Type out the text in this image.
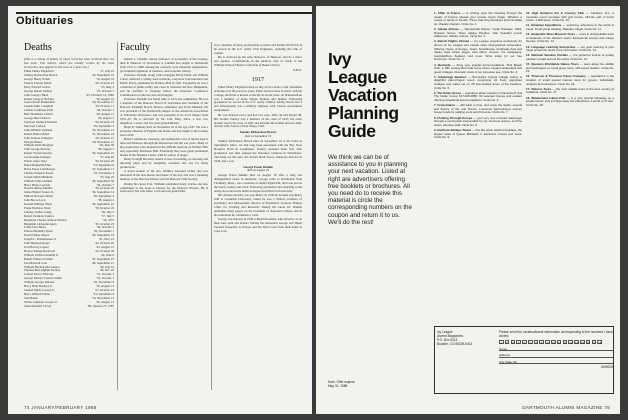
Obituaries
Deaths

(This is a listing of deaths of which word has been received since the last issue. Full notices, which are usually written by the class secretaries, may appear in this issue or a later one.)

Elmer Henry Englebrett	'17, July 22
Stanley Richardson Brown	'18, September 19
George Henry Eckert	'19, August 18
Francis Charles Mann	'20, October 22
Perry Edward Jordon	'23, May 4
George Robert McRae	'23, October 7
John Gregory Head	'25, February 12, 1985
Robert Gregory Belcher	'26, August 10
Lester Raoul Rothenfeld	'26, November 15
Joseph Johns Campbell	'28, October 11
Charles Cullinane Firth	'28, October 1
Blair Bradshaw Gilbert	'29, August 17
George Baron Moore	'29, August 2
Seymour Slotnick Wachtel	'29, October 19
Maxwell Carlson	'29, September 3
John William Vorhauer	'30, November 21
Robert Ballou Baird	'31, November 24
John Ivanoss Arlington	'29, October 21
Morgan Baker	'29, November 27
William Wells Bragdon	'28, June 30
John George Rowner	'29, August 3
Robert Vivian Stevens	'30, September 22
Lee Roskins Jettinger	'37, July 29
Edwin Allyn West	'32, October 28
Ralph Benjamin Eliot	'33, September 8
Harry Eaton Littenberger	'33, September 13
Charles Winslow Porter	'33, November 4
Joseph Smith Mildrum	'35, July 29
William Talbot Adams	'36, September 30
Harry Henry Gordon	'36, October 7
David Lathrop Mueller	'36, October 20
James Hallett Stokes Jr.	'36, September 14
Millard Newton Childs	'38, September 4
John Boyce Lyon	'38, August 4
Donald Whitney Shaw	'39, September 22
Frank Nicholas Wash	'39, October 20
Lindsay Arthur Gregg	'39, July 5
Robert Paddock Squires	'37, July 5
Raymond Charles Armour Hanlon	'36, 1975
Benjamin Littlejohn Ayers	'39, October 25
Colby Dart Howe	'39, October 5
Edward Bellamy Spear	'39, November 1
David Walter Marne	'40, September 19
Joseph C. Palasmonton Jr.	'41, Nov. 23
John Harrison Roper	'42, October 20
Ivan Bowtry Lapeer	'42, August 23
Horace Ensign Rockwell	'43, October 30
William Wallace Kendall Jr.	'44, June 8
Robert Fullerton White	'47, September 27
Lee Maxwell Cole	'48, September 21
William Hackett McCamena	'49, July 14
Thomas McLaughlin Tierney	'46, Oct. 20
Conrad Pierce Wiberley	'51, October 3
George Morely Casselo-Smith	'55, October 1
William George DeLane	'55, November 9
Harry Hunt Buckley Jr.	'56, August 13
Samuel Mark Lowery Jr.	'57, October 23
Barry Wilfred Fraher	'61, September 9
Sam Bebee	'74, November 13
Walter Johnston Cooper Jr.	'62, August 12
James Randall Carver	'80, January 27, 1987
Faculty

Martin L. Lindahl, retired professor of economics at the College, died in Hanover on November 9. Lindahl had taught at Dartmouth from 1931 to 1968. Among his concerns were industrial organization, government regulation of business, and economic history.

Professor Lindahl, along with colleagues Harry Purdy and William Carter, authored a widely used textbook, Corporate Concentration and Public Policy, published by Prentice-Hall in 1941. Frequently he was a consultant to public utility rate cases in Vermont and New Hampshire, and he testified at hearings before the Interstate Commerce Commission on railroad rates and mergers.

Professor Lindahl was found time to serve his community. He was a member of the Hanover Board of Selectmen and chairman of the Hanover Planning Board, finance committee and Town Meeting. He was president of the Dartmouth chapter of the American Association of University Professors, and was president of its local chapter from 1951–52. He is survived by his wife, Mary Alice, a son, two daughters, a sister, and two great-grandchildren.

Hugh R. Walkley died on November 26 at the age of 87. He was a professor emeritus of English and drama and had taught at the College since 1935.

Henry's ambitious, visionary, and enthusiastic love of theater kept it alive and Hanover through the Depression and the war years. Many of his productions were mounted in the difficult environs of Webster Hall and, especially, Robinson Hall. Eventually they were given permanent homes in the Hopkins Center, with its variety of stages.

Henry brought his many talents to bear in teaching, in choosing and directing plays and by designing costumes and sets for many productions.

A noted student of the arts, Walkley travelled widely and was interested in the best theater and music of his day, and was a founding member of the Hanover Players and the Hanover Film Society.

During his career Prof. Williams published many articles and also contributed to the book A Theatre for the Hanover Players. He is survived by his wife Anne, a son and one grandchild.

was a member of many professional societies and during World War II he served in the U.S. Army Civil Engineers, attaining the rank of captain.

He is survived by his wife, Rebecca, of Hanover, and by a niece and nephew. Contributions in his memory may be made to the William-Watson Theatre Collection of Baker Library.

R.H.N.
1917

Elmer Henry Englebrett died on July 22 in LaJolla, Calif. Residents of Rome over the past few years, Elmer had not been in touch with the College, and little is known of his life in recent years. At Dartmouth he was a member of Delta Kappa Epsilon and Sphinx. Following graduation he served in the U.S. Army artillery during World War I and subsequently was a military engineer with various government assignments.

He was married twice and had two sons, John '44 and David '48. His brother Wesley was a member of the class of 1923, his other brother was in the class of 1921 and includes his brother and son John, and his wife, Lenora of San Diego, Calif.

Stanley Richardson Brown
died on September 19

Stanley Richardson Brown died on September 19 at his home in Springfield, Mass., he had long been associated with the Bay State Hospital. Born in Leominster, Stanley attended Tuck Sch. after graduation and then entered the insurance business in Winchester. Surviving are his wife, the former Ruth Wood, whom he married in 1926, and a son.

George Eaton Dunkle
died on August 18

George Eaton Dunkle died on August 18 after a long and distinguished career in medicine. George came to Dartmouth from Fitchburg, Mass., was a member of Alpha Sigma Phi, and took part in the band, country and track. Following graduation and returning to the Army, he received his medical degree from Harvard University.

His chosen specialty was psychiatry. In 1930 he became psychiatry staff at Columbia University, where he was a clinical professor of psychiatry and subsequently director of Psychiatric Services, Hadley Clinic for Training and Research. During his career Dr. Dunkle published many papers on the treatment of depressive illness, and in his retirement he continued to write.

George was married in 1930 to Helen Kraemer, who survives, as do their sons John and Robert. During his retirement George and Helen traveled frequently to Europe and the West Coast from their home in Cape Cod.

74 JANUARY/FEBRUARY 1988
Ivy
League
Vacation
Planning
Guide
We think we can be of assistance to you in planning your next vacation. Listed at right are advertisers offering free booklets or brochures. All you need do to receive this material is circle the corresponding numbers on the coupon and return it to us. We'll do the rest!
Note: Offer expires
May 31, 1988
1. Affair in France — is nothing quite like traveling through the canals of France aboard your private luxury barge. Whether a couple or family or friends. Three charming itineraries accommodate six. Weekly charters. Circle No. 1.
2. Alaska Airlines — Mendenhall Glacier. Inside Passage. Sitka. Russian history. Trans Alaska Pipeline. Visit beautiful scenic wilderness, Alaska. Call us. Circle No. 2.
3. Barrett Flights Abroad — Ivy League programs exclusively for alumni of Ivy League and certain other distinguished universities. Offering choice of Europe, Israel, Scandinavia, Southeast Asia and Japan, East Africa, Egypt, Asia Minor, Greece, the Galapagos, Australia/New Zealand, and more. Write today for our free brochures. Circle No. 3.
4. Bermuda — three very special accommodations. Pink Beach Club, a 19th century Bermuda home where elegant restaurants and guest cottages. Dramatic views of our turquoise sea. Circle No. 4.
5. Cambridge Beaches — Bermuda's original cottage colony. A delightful palm-fringed resort comprising 32 finely appointed cottages and suites set on 25 tree-shaded acres of the beaches. Circle No. 5.
6. The Dolan Group — questions about vacation in Nantucket? Call The Dolan Group 617-228-4880. 60 selected homes and estates offering exceptional accommodations. Circle No. 6.
7. Fenestration — drift back in time, and enjoy the sights, sounds and flavors of the real France. Luxurious half-timbered country house hotels for walking tours and Provence. Circle No. 7.
8. Floating Through Europe — your very own romantic waterways through a countryside inaccessible by car. Gourmet cuisine, and fine wines, attentive staff. Circle No. 8.
9. Hartford Holidays Travel — this fall, when Hartford Holidays, the largest seller of Queen Elizabeth 2. Exclusive cruises and tours. Circle No. 9.
10. High Hampton Inn & Country Club — Cashiers, N.C. a mountain resort complete with golf course, 18-hole golf, 2 tennis courts, 1,400 acres. Circle No. 10.
11. Himalaya Expeditions — exploring, adventure to the world of travel. Small group trekking, Pakistan, Nepal. Circle No. 11.
12. Jacqueline Moss Museum Tours — tours in unforgettable tours of treasures of the Western world. Exceptional access and unique themes. Circle No. 12.
13. Language Learning Enterprises — our goal: learning is your travel across the world. Free information. Circle No. 13.
14. National Vacation Rentals — the preferred source of quality vacation rentals around the world. Circle No. 14.
15. Questers Worldwide Nature Tours — learn about the wildlife and landscapes on small group tours, with expert leaders. Circle No. 15.
16. Thomson & Thomson Travel Company — specializes in the creation of small special interest tours for groups, individuals, students and educators. Circle No. 16.
17. Vintners Tours — the most reliable tours to the wine country of California. Circle No. 17.
18. Windermere Island Club — is a very special hideaway on a private island, only a bridge away from Eleuthera. A world of its own. Circle No. 18.
Ivy League
Alumni Magazines
P.O. Box 5413
Boulder, CO 80329-5413
Please send the vacation/travel information corresponding to the numbers I have circled:
1	2	3	4	5	6	7	8	9	10 11	12 13 14 15 16 17 18
Name
Address
City State Zip
DM0003
DARTMOUTH ALUMNI MAGAZINE 75
